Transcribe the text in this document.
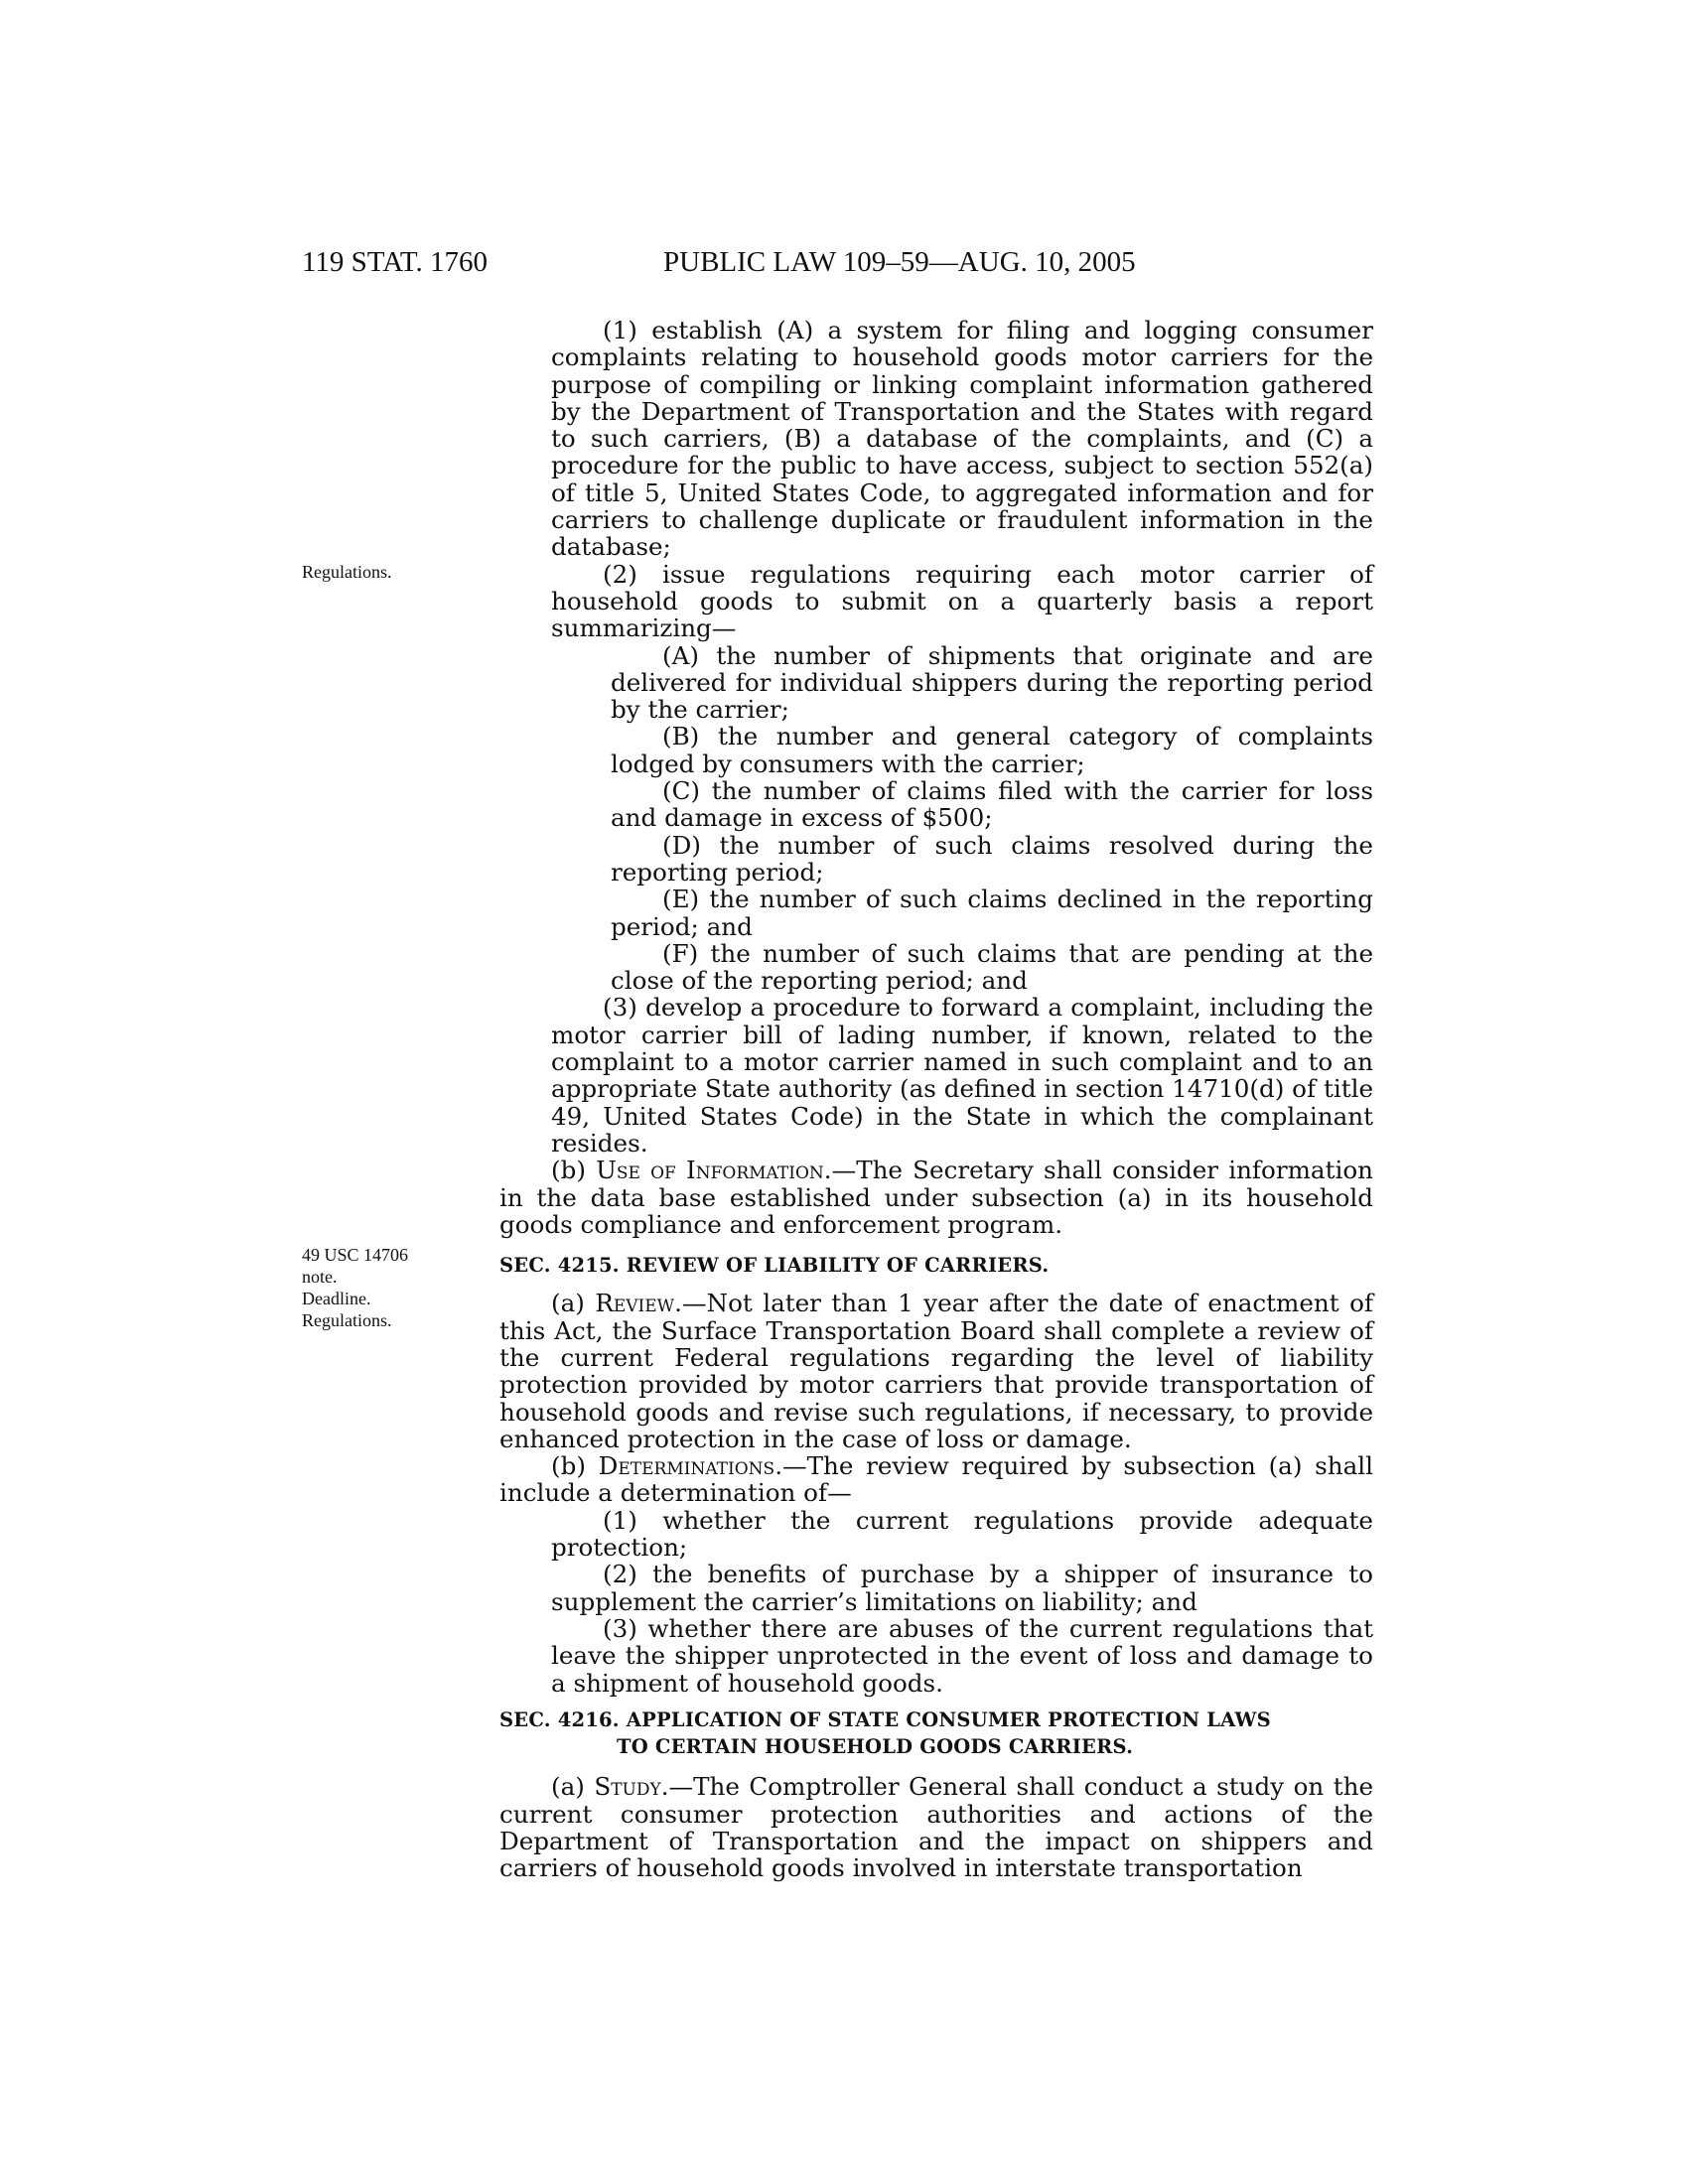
119 STAT. 1760	PUBLIC LAW 109–59—AUG. 10, 2005
Regulations.
49 USC 14706
note.
Deadline.
Regulations.

(1) establish (A) a system for filing and logging consumer complaints relating to household goods motor carriers for the purpose of compiling or linking complaint information gathered by the Department of Transportation and the States with regard to such carriers, (B) a database of the complaints, and (C) a procedure for the public to have access, subject to section 552(a) of title 5, United States Code, to aggregated information and for carriers to challenge duplicate or fraudulent information in the database;

(2) issue regulations requiring each motor carrier of household goods to submit on a quarterly basis a report summarizing—

(A) the number of shipments that originate and are delivered for individual shippers during the reporting period by the carrier;

(B) the number and general category of complaints lodged by consumers with the carrier;

(C) the number of claims filed with the carrier for loss and damage in excess of $500;

(D) the number of such claims resolved during the reporting period;

(E) the number of such claims declined in the reporting period; and

(F) the number of such claims that are pending at the close of the reporting period; and

(3) develop a procedure to forward a complaint, including the motor carrier bill of lading number, if known, related to the complaint to a motor carrier named in such complaint and to an appropriate State authority (as defined in section 14710(d) of title 49, United States Code) in the State in which the complainant resides.

(b) Use of Information.—The Secretary shall consider information in the data base established under subsection (a) in its household goods compliance and enforcement program.

SEC. 4215. REVIEW OF LIABILITY OF CARRIERS.

(a) Review.—Not later than 1 year after the date of enactment of this Act, the Surface Transportation Board shall complete a review of the current Federal regulations regarding the level of liability protection provided by motor carriers that provide transportation of household goods and revise such regulations, if necessary, to provide enhanced protection in the case of loss or damage.

(b) Determinations.—The review required by subsection (a) shall include a determination of—

(1) whether the current regulations provide adequate protection;

(2) the benefits of purchase by a shipper of insurance to supplement the carrier’s limitations on liability; and

(3) whether there are abuses of the current regulations that leave the shipper unprotected in the event of loss and damage to a shipment of household goods.

SEC. 4216. APPLICATION OF STATE CONSUMER PROTECTION LAWS
TO CERTAIN HOUSEHOLD GOODS CARRIERS.

(a) Study.—The Comptroller General shall conduct a study on the current consumer protection authorities and actions of the Department of Transportation and the impact on shippers and carriers of household goods involved in interstate transportation
